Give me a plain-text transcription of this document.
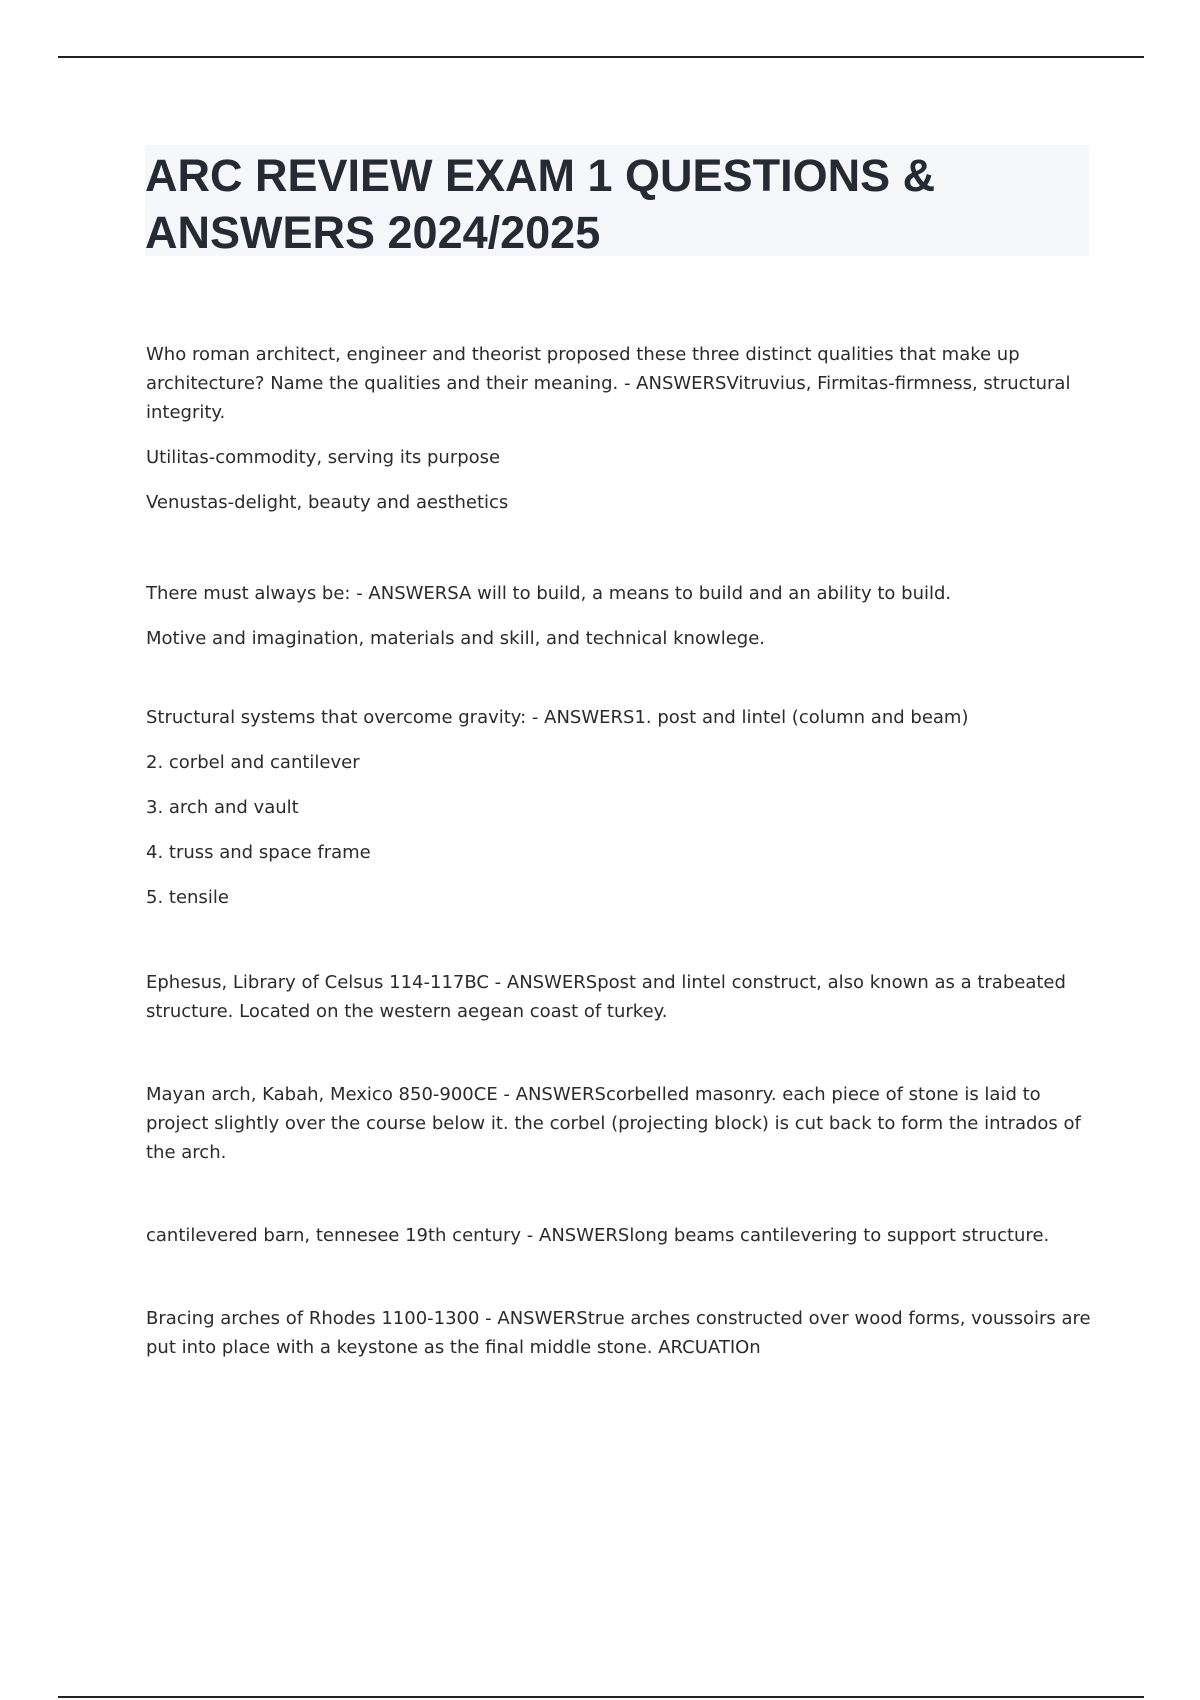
ARC REVIEW EXAM 1 QUESTIONS & ANSWERS 2024/2025

Who roman architect, engineer and theorist proposed these three distinct qualities that make up architecture? Name the qualities and their meaning. - ANSWERSVitruvius, Firmitas-firmness, structural integrity.

Utilitas-commodity, serving its purpose

Venustas-delight, beauty and aesthetics

There must always be: - ANSWERSA will to build, a means to build and an ability to build.

Motive and imagination, materials and skill, and technical knowlege.

Structural systems that overcome gravity: - ANSWERS1. post and lintel (column and beam)

2. corbel and cantilever

3. arch and vault

4. truss and space frame

5. tensile

Ephesus, Library of Celsus 114-117BC - ANSWERSpost and lintel construct, also known as a trabeated structure. Located on the western aegean coast of turkey.

Mayan arch, Kabah, Mexico 850-900CE - ANSWERScorbelled masonry. each piece of stone is laid to project slightly over the course below it. the corbel (projecting block) is cut back to form the intrados of the arch.

cantilevered barn, tennesee 19th century - ANSWERSlong beams cantilevering to support structure.

Bracing arches of Rhodes 1100-1300 - ANSWERStrue arches constructed over wood forms, voussoirs are put into place with a keystone as the final middle stone. ARCUATIOn
